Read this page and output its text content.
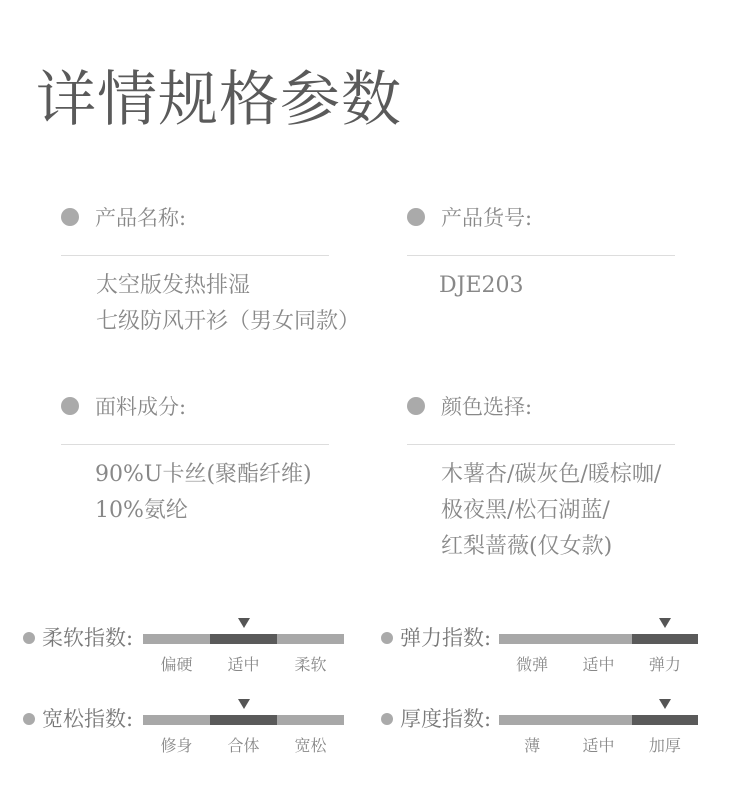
详情规格参数
产品名称:
太空版发热排湿
七级防风开衫（男女同款）
产品货号:
DJE203
面料成分:
90%U卡丝(聚酯纤维)
10%氨纶
颜色选择:
木薯杏/碳灰色/暖棕咖/
极夜黑/松石湖蓝/
红梨蔷薇(仅女款)
柔软指数:
偏硬	适中	柔软
弹力指数:
微弹	适中	弹力
宽松指数:
修身	合体	宽松
厚度指数:
薄	适中	加厚
